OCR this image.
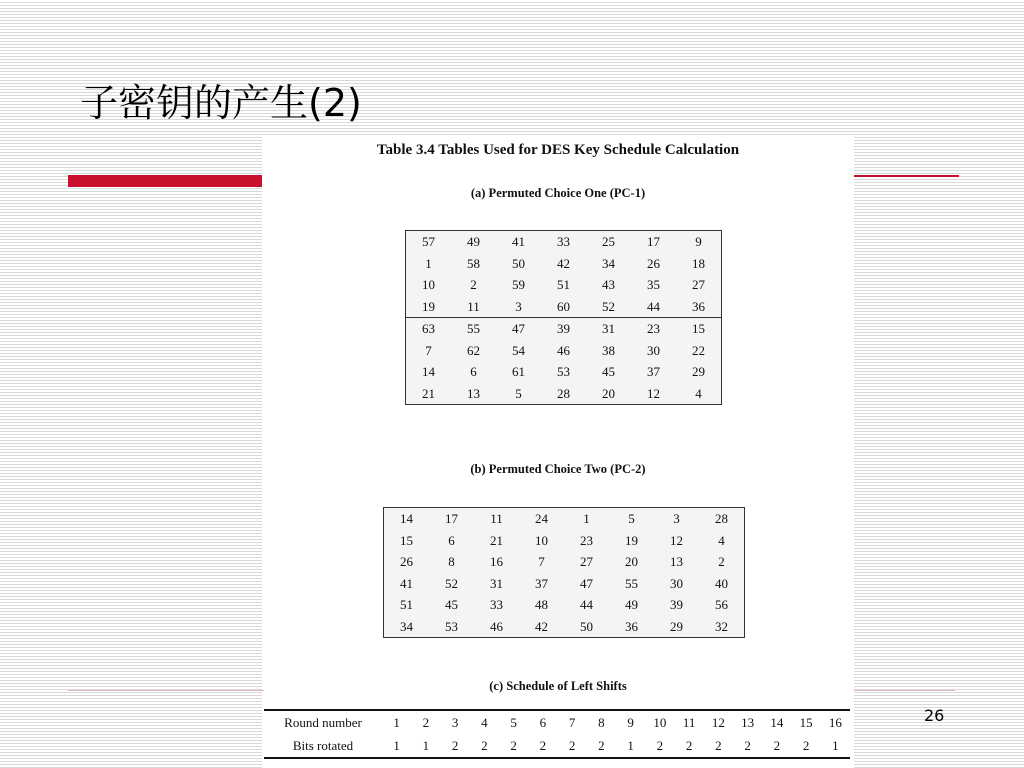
子密钥的产生(2)
Table 3.4 Tables Used for DES Key Schedule Calculation
(a) Permuted Choice One (PC-1)
57	49	41	33	25	17	9
1	58	50	42	34	26	18
10	2	59	51	43	35	27
19	11	3	60	52	44	36
63	55	47	39	31	23	15
7	62	54	46	38	30	22
14	6	61	53	45	37	29
21	13	5	28	20	12	4
(b) Permuted Choice Two (PC-2)
14	17	11	24	1	5	3	28
15	6	21	10	23	19	12	4
26	8	16	7	27	20	13	2
41	52	31	37	47	55	30	40
51	45	33	48	44	49	39	56
34	53	46	42	50	36	29	32
(c) Schedule of Left Shifts
Round number	1	2	3	4	5	6	7	8	9	10	11	12	13	14	15	16
Bits rotated	1	1	2	2	2	2	2	2	1	2	2	2	2	2	2	1
26
